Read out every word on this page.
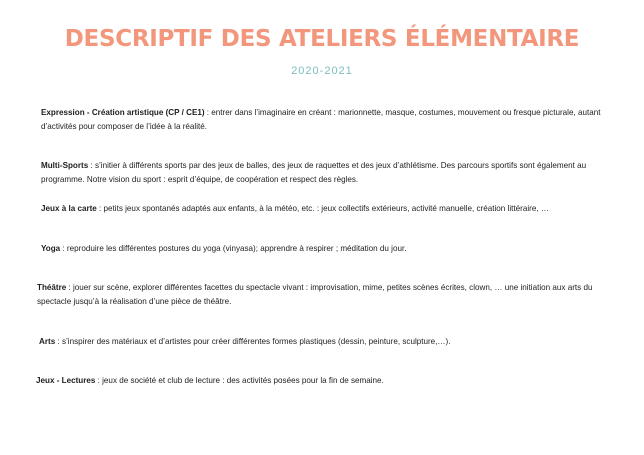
DESCRIPTIF DES ATELIERS ÉLÉMENTAIRE
2020-2021
Expression - Création artistique (CP / CE1) : entrer dans l’imaginaire en créant : marionnette, masque, costumes, mouvement ou fresque picturale, autant d’activités pour composer de l’idée à la réalité.
Multi-Sports : s’initier à différents sports par des jeux de balles, des jeux de raquettes et des jeux d’athlétisme. Des parcours sportifs sont également au programme. Notre vision du sport : esprit d’équipe, de coopération et respect des règles.
Jeux à la carte : petits jeux spontanés adaptés aux enfants, à la météo, etc. : jeux collectifs extérieurs, activité manuelle, création littéraire, …
Yoga : reproduire les différentes postures du yoga (vinyasa); apprendre à respirer ; méditation du jour.
Théâtre : jouer sur scène, explorer différentes facettes du spectacle vivant : improvisation, mime, petites scènes écrites, clown, … une initiation aux arts du spectacle jusqu’à la réalisation d’une pièce de théâtre.
Arts : s’inspirer des matériaux et d’artistes pour créer différentes formes plastiques (dessin, peinture, sculpture,…).
Jeux - Lectures : jeux de société et club de lecture : des activités posées pour la fin de semaine.
